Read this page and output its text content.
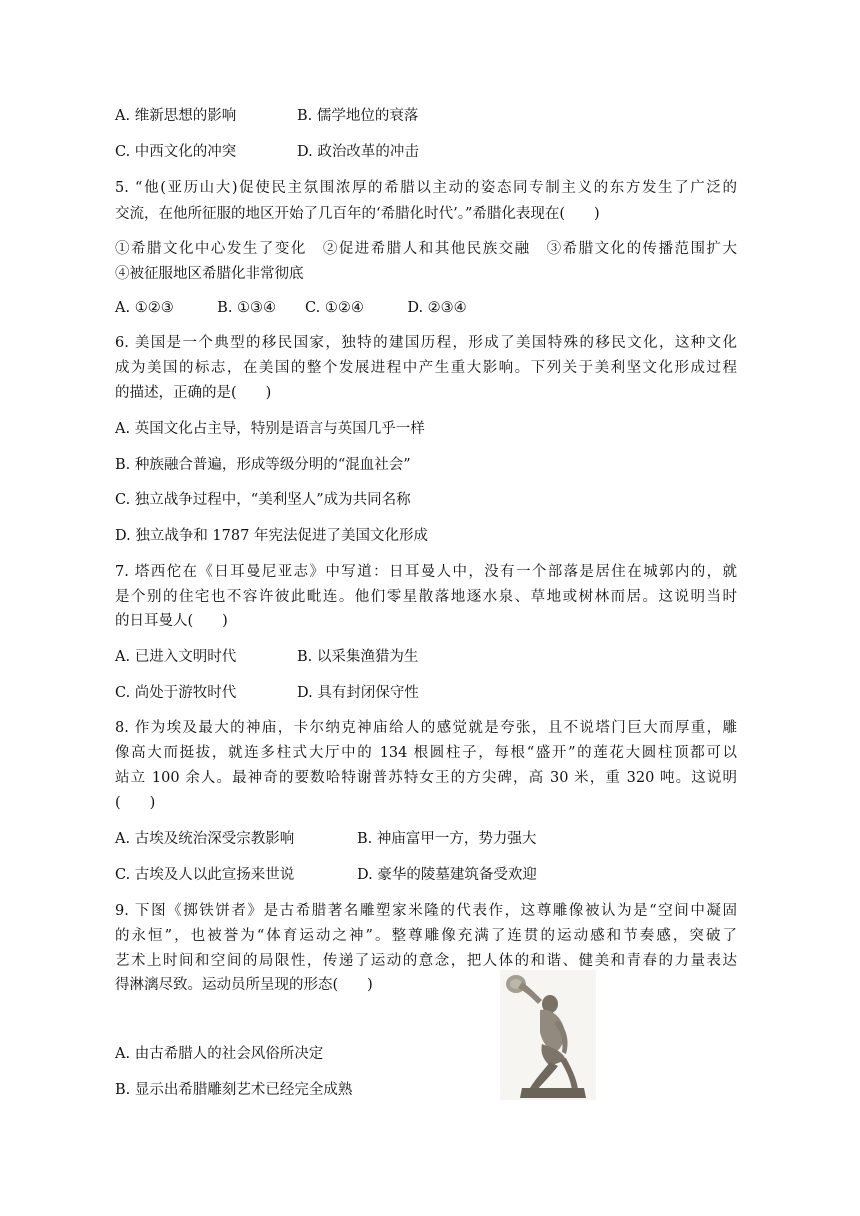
A. 维新思想的影响	B. 儒学地位的衰落
C. 中西文化的冲突	D. 政治改革的冲击
5. “他(亚历山大)促使民主氛围浓厚的希腊以主动的姿态同专制主义的东方发生了广泛的
交流，在他所征服的地区开始了几百年的‘希腊化时代’。”希腊化表现在(　　)
①希腊文化中心发生了变化　②促进希腊人和其他民族交融　③希腊文化的传播范围扩大
④被征服地区希腊化非常彻底
A. ①②③　　　B. ①③④　　C. ①②④　　　D. ②③④
6. 美国是一个典型的移民国家，独特的建国历程，形成了美国特殊的移民文化，这种文化
成为美国的标志，在美国的整个发展进程中产生重大影响。下列关于美利坚文化形成过程
的描述，正确的是(　　)
A. 英国文化占主导，特别是语言与英国几乎一样
B. 种族融合普遍，形成等级分明的“混血社会”
C. 独立战争过程中，“美利坚人”成为共同名称
D. 独立战争和 1787 年宪法促进了美国文化形成
7. 塔西佗在《日耳曼尼亚志》中写道：日耳曼人中，没有一个部落是居住在城郭内的，就
是个别的住宅也不容许彼此毗连。他们零星散落地逐水泉、草地或树林而居。这说明当时
的日耳曼人(　　)
A. 已进入文明时代	B. 以采集渔猎为生
C. 尚处于游牧时代	D. 具有封闭保守性
8. 作为埃及最大的神庙，卡尔纳克神庙给人的感觉就是夸张，且不说塔门巨大而厚重，雕
像高大而挺拔，就连多柱式大厅中的 134 根圆柱子，每根“盛开”的莲花大圆柱顶都可以
站立 100 余人。最神奇的要数哈特谢普苏特女王的方尖碑，高 30 米，重 320 吨。这说明
(　　)
A. 古埃及统治深受宗教影响	B. 神庙富甲一方，势力强大
C. 古埃及人以此宣扬来世说	D. 豪华的陵墓建筑备受欢迎
9. 下图《掷铁饼者》是古希腊著名雕塑家米隆的代表作，这尊雕像被认为是“空间中凝固
的永恒”，也被誉为“体育运动之神”。整尊雕像充满了连贯的运动感和节奏感，突破了
艺术上时间和空间的局限性，传递了运动的意念，把人体的和谐、健美和青春的力量表达
得淋漓尽致。运动员所呈现的形态(　　)
A. 由古希腊人的社会风俗所决定
B. 显示出希腊雕刻艺术已经完全成熟
